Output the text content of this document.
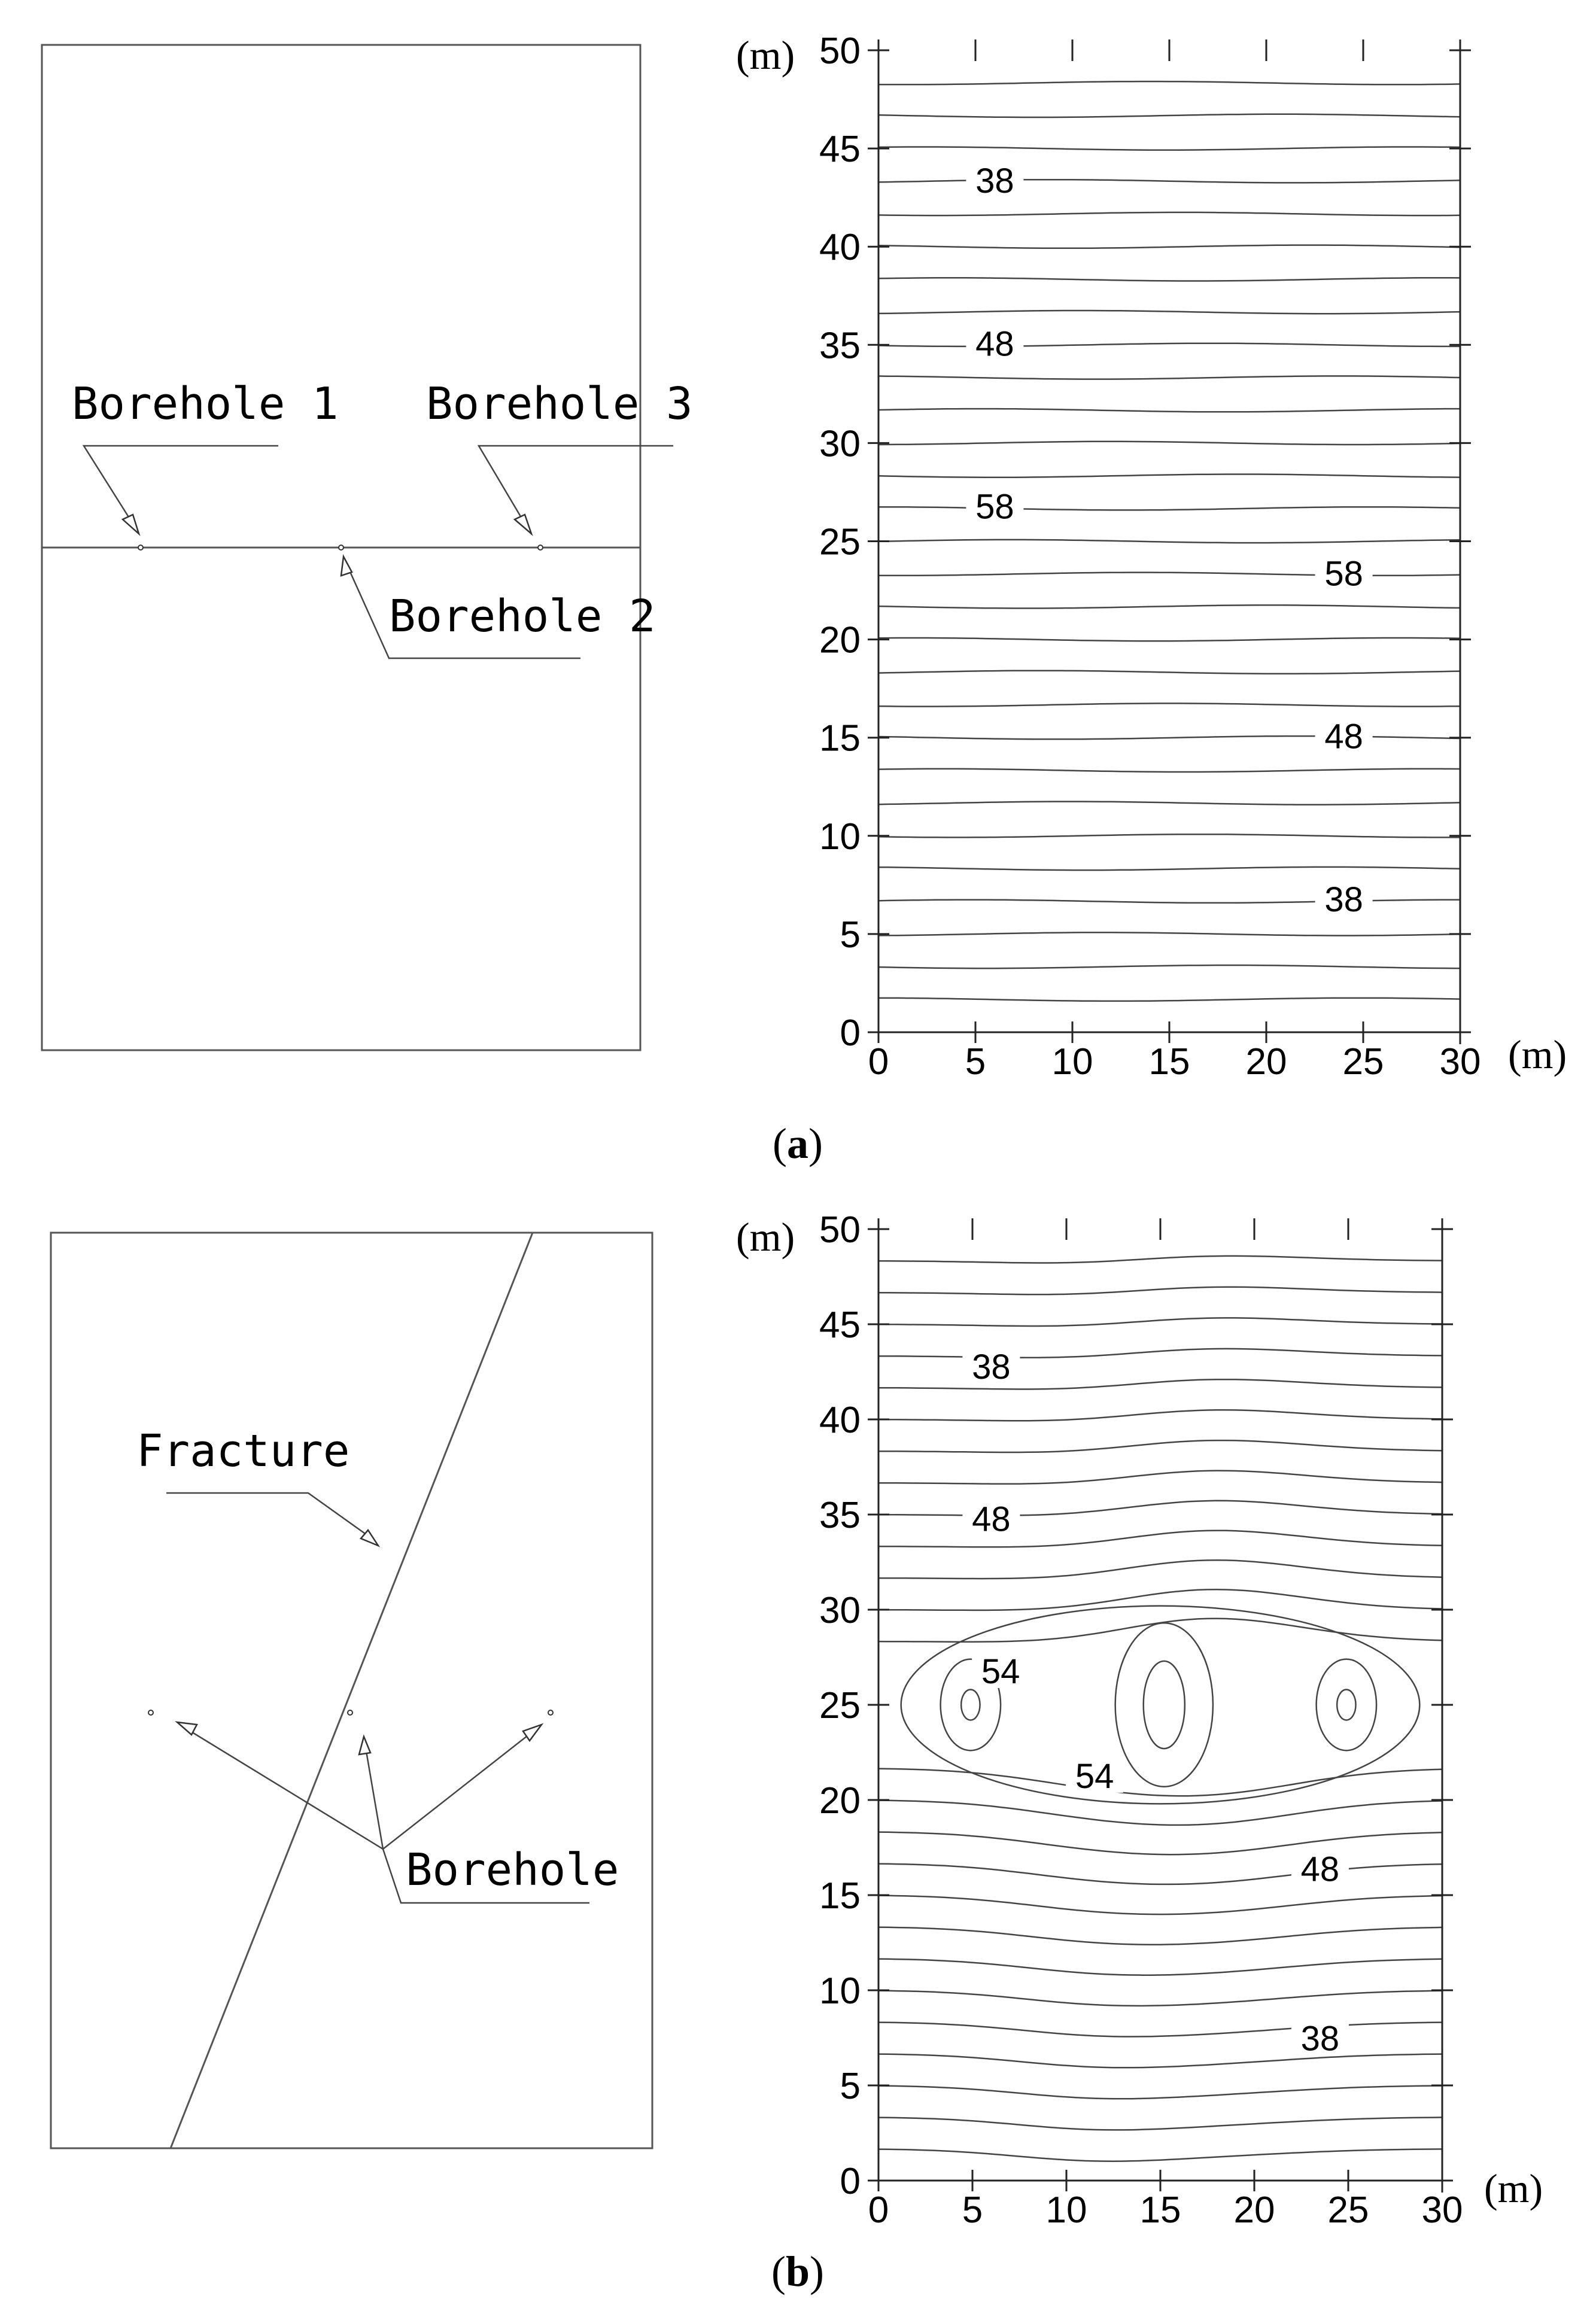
Borehole 1 Borehole 3
Borehole 2
38
48
58
58
48
38
0
5
10
15
20
25
30
35
40
45
50
0 5 10 15 20 25 30
(m)
(m)
(a)
Fracture
Borehole
38
48
54
54
48
38
0
5
10
15
20
25
30
35
40
45
50
0 5 10 15 20 25 30
(m)
(m)
(b)
